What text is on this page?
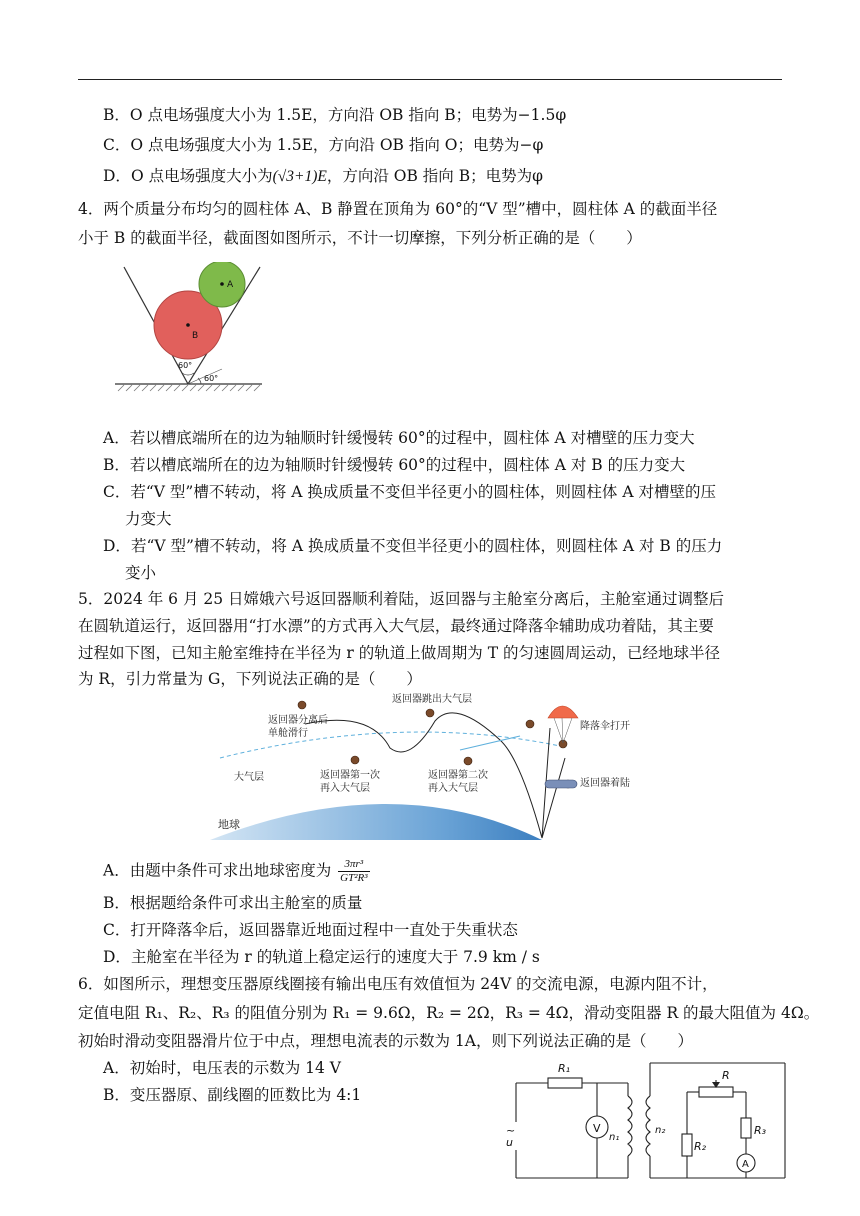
B．O 点电场强度大小为 1.5E，方向沿 OB 指向 B；电势为−1.5φ
C．O 点电场强度大小为 1.5E，方向沿 OB 指向 O；电势为−φ
D．O 点电场强度大小为(√3+1)E，方向沿 OB 指向 B；电势为φ
4．两个质量分布均匀的圆柱体 A、B 静置在顶角为 60°的“V 型”槽中，圆柱体 A 的截面半径
小于 B 的截面半径，截面图如图所示，不计一切摩擦，下列分析正确的是（　　）
B
A
60°
60°
A．若以槽底端所在的边为轴顺时针缓慢转 60°的过程中，圆柱体 A 对槽壁的压力变大
B．若以槽底端所在的边为轴顺时针缓慢转 60°的过程中，圆柱体 A 对 B 的压力变大
C．若“V 型”槽不转动，将 A 换成质量不变但半径更小的圆柱体，则圆柱体 A 对槽壁的压
力变大
D．若“V 型”槽不转动，将 A 换成质量不变但半径更小的圆柱体，则圆柱体 A 对 B 的压力
变小
5．2024 年 6 月 25 日嫦娥六号返回器顺利着陆，返回器与主舱室分离后，主舱室通过调整后
在圆轨道运行，返回器用“打水漂”的方式再入大气层，最终通过降落伞辅助成功着陆，其主要
过程如下图，已知主舱室维持在半径为 r 的轨道上做周期为 T 的匀速圆周运动，已经地球半径
为 R，引力常量为 G，下列说法正确的是（　　）
返回器分离后
单舱滑行
返回器跳出大气层
降落伞打开
大气层	返回器第一次
再入大气层
返回器第二次
再入大气层	返回器着陆
地球
A．由题中条件可求出地球密度为 $\frac{\text{3πr³}}{\text{GT²R³}}$
B．根据题给条件可求出主舱室的质量
C．打开降落伞后，返回器靠近地面过程中一直处于失重状态
D．主舱室在半径为 r 的轨道上稳定运行的速度大于 7.9 km / s
6．如图所示，理想变压器原线圈接有输出电压有效值恒为 24V 的交流电源，电源内阻不计，
定值电阻 R₁、R₂、R₃ 的阻值分别为 R₁ = 9.6Ω，R₂ = 2Ω，R₃ = 4Ω，滑动变阻器 R 的最大阻值为 4Ω。
初始时滑动变阻器滑片位于中点，理想电流表的示数为 1A，则下列说法正确的是（　　）
A．初始时，电压表的示数为 14 V
B．变压器原、副线圈的匝数比为 4:1
V
A
R₁
n₁
n₂
R
R₂
R₃
~
u
